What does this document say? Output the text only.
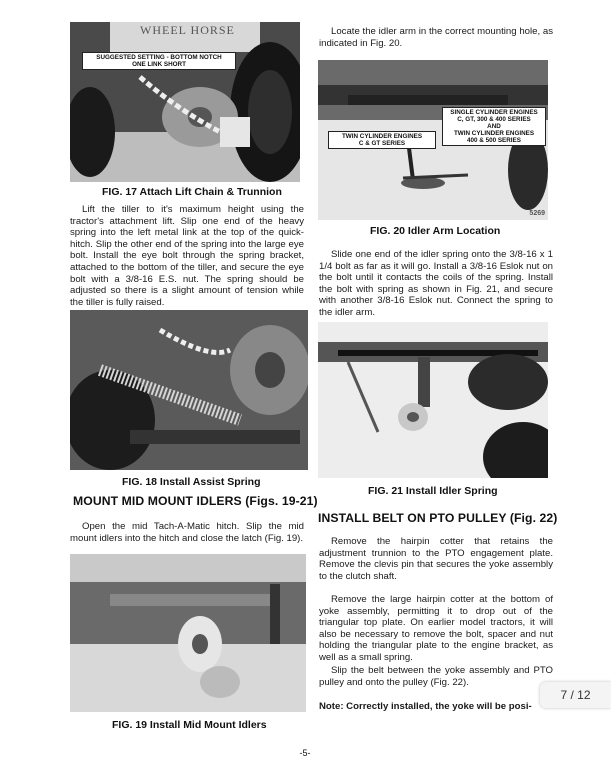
WHEEL HORSE
SUGGESTED SETTING - BOTTOM NOTCH
ONE LINK SHORT
FIG. 17 Attach Lift Chain & Trunnion

Lift the tiller to it's maximum height using the tractor's attachment lift. Slip one end of the heavy spring into the left metal link at the top of the quick-hitch. Slip the other end of the spring into the large eye bolt. Install the eye bolt through the spring bracket, attached to the bottom of the tiller, and secure the eye bolt with a 3/8-16 E.S. nut. The spring should be adjusted so there is a slight amount of tension while the tiller is fully raised.

FIG. 18 Install Assist Spring
MOUNT MID MOUNT IDLERS (Figs. 19-21)

Open the mid Tach-A-Matic hitch. Slip the mid mount idlers into the hitch and close the latch (Fig. 19).

FIG. 19 Install Mid Mount Idlers

Locate the idler arm in the correct mounting hole, as indicated in Fig. 20.

TWIN CYLINDER ENGINES
C & GT SERIES
SINGLE CYLINDER ENGINES
C, GT, 300 & 400 SERIES
AND
TWIN CYLINDER ENGINES
400 & 500 SERIES
5269
FIG. 20 Idler Arm Location

Slide one end of the idler spring onto the 3/8-16 x 1 1/4 bolt as far as it will go. Install a 3/8-16 Eslok nut on the bolt until it contacts the coils of the spring. Install the bolt with spring as shown in Fig. 21, and secure with another 3/8-16 Eslok nut. Connect the spring to the idler arm.

FIG. 21 Install Idler Spring
INSTALL BELT ON PTO PULLEY (Fig. 22)

Remove the hairpin cotter that retains the adjustment trunnion to the PTO engagement plate. Remove the clevis pin that secures the yoke assembly to the clutch shaft.

Remove the large hairpin cotter at the bottom of yoke assembly, permitting it to drop out of the triangular top plate. On earlier model tractors, it will also be necessary to remove the bolt, spacer and nut holding the triangular plate to the engine bracket, as well as a small spring.

Slip the belt between the yoke assembly and PTO pulley and onto the pulley (Fig. 22).

Note: Correctly installed, the yoke will be posi-
-5-
7 / 12
